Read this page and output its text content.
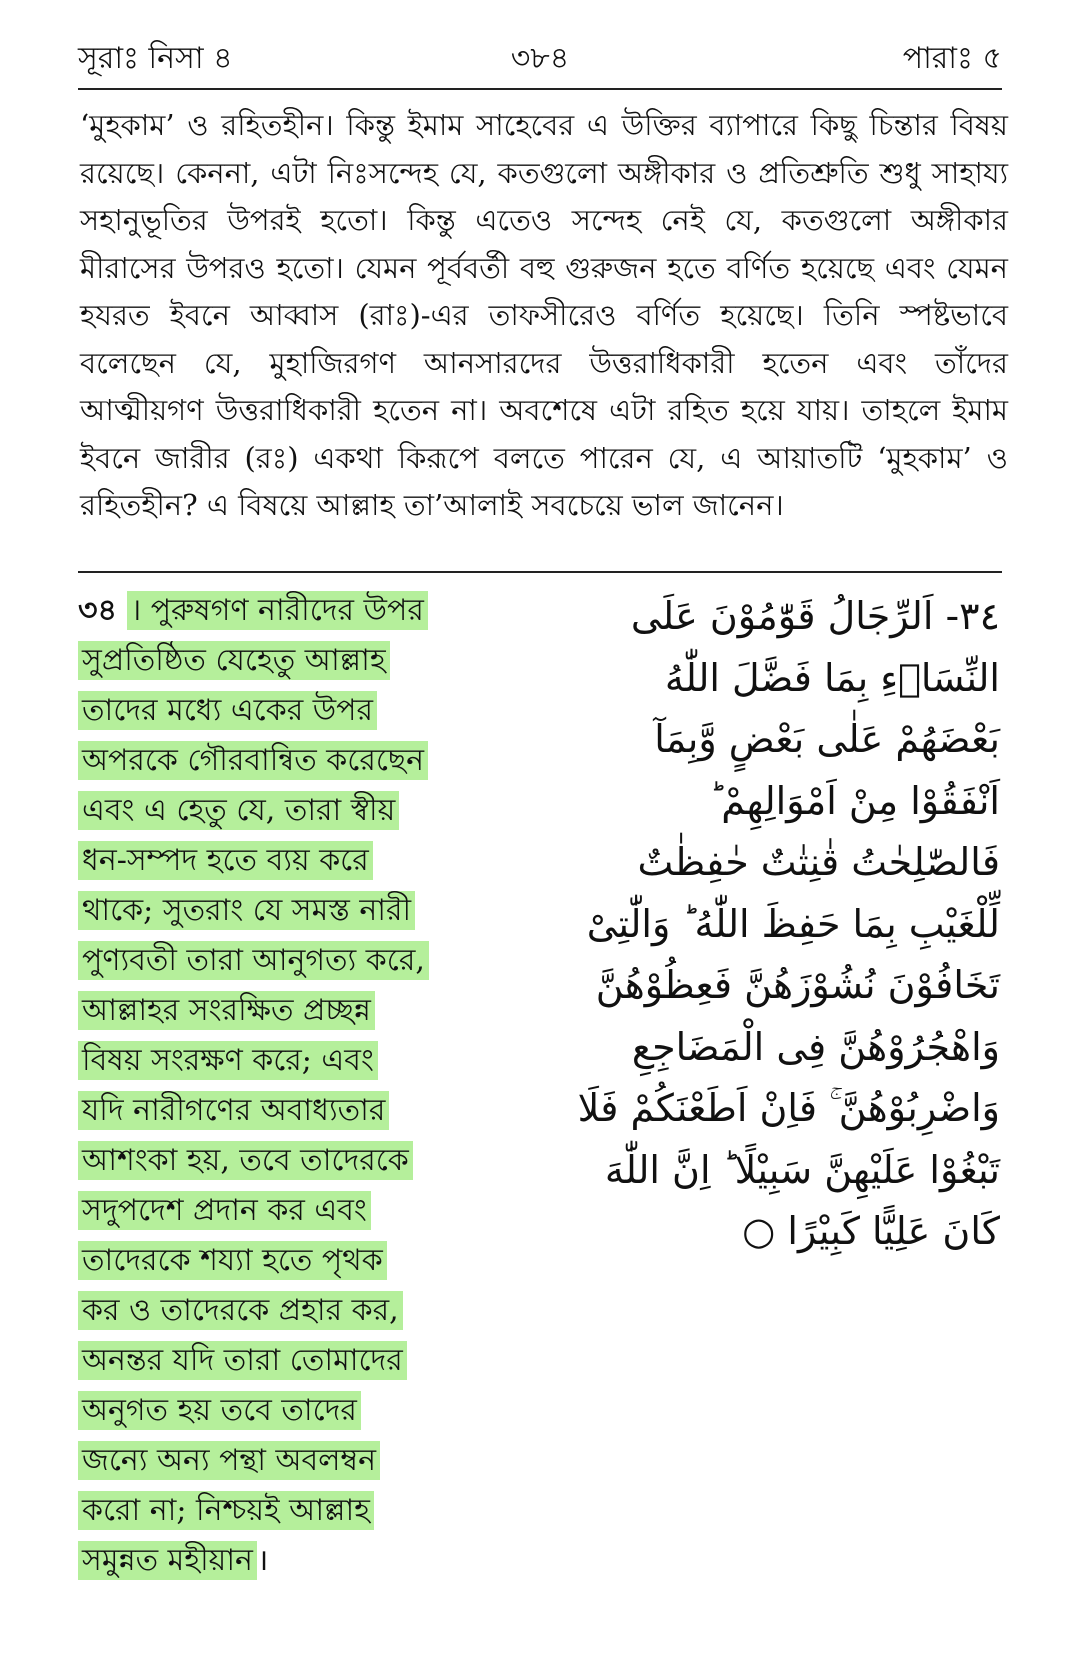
সূরাঃ নিসা ৪	৩৮৪	পারাঃ ৫
‘মুহকাম’ ও রহিতহীন। কিন্তু ইমাম সাহেবের এ উক্তির ব্যাপারে কিছু চিন্তার বিষয় রয়েছে। কেননা, এটা নিঃসন্দেহ যে, কতগুলো অঙ্গীকার ও প্রতিশ্রুতি শুধু সাহায্য সহানুভূতির উপরই হতো। কিন্তু এতেও সন্দেহ নেই যে, কতগুলো অঙ্গীকার মীরাসের উপরও হতো। যেমন পূর্ববর্তী বহু গুরুজন হতে বর্ণিত হয়েছে এবং যেমন হযরত ইবনে আব্বাস (রাঃ)-এর তাফসীরেও বর্ণিত হয়েছে। তিনি স্পষ্টভাবে বলেছেন যে, মুহাজিরগণ আনসারদের উত্তরাধিকারী হতেন এবং তাঁদের আত্মীয়গণ উত্তরাধিকারী হতেন না। অবশেষে এটা রহিত হয়ে যায়। তাহলে ইমাম ইবনে জারীর (রঃ) একথা কিরূপে বলতে পারেন যে, এ আয়াতটি ‘মুহকাম’ ও রহিতহীন? এ বিষয়ে আল্লাহ তা’আলাই সবচেয়ে ভাল জানেন।
৩৪ । পুরুষগণ নারীদের উপর
সুপ্রতিষ্ঠিত যেহেতু আল্লাহ
তাদের মধ্যে একের উপর
অপরকে গৌরবান্বিত করেছেন
এবং এ হেতু যে, তারা স্বীয়
ধন-সম্পদ হতে ব্যয় করে
থাকে; সুতরাং যে সমস্ত নারী
পুণ্যবতী তারা আনুগত্য করে,
আল্লাহর সংরক্ষিত প্রচ্ছন্ন
বিষয় সংরক্ষণ করে; এবং
যদি নারীগণের অবাধ্যতার
আশংকা হয়, তবে তাদেরকে
সদুপদেশ প্রদান কর এবং
তাদেরকে শয্যা হতে পৃথক
কর ও তাদেরকে প্রহার কর,
অনন্তর যদি তারা তোমাদের
অনুগত হয় তবে তাদের
জন্যে অন্য পন্থা অবলম্বন
করো না; নিশ্চয়ই আল্লাহ
সমুন্নত মহীয়ান ।
٣٤- اَلرِّجَالُ قَوّٰمُوْنَ عَلَى
النِّسَاۤءِ بِمَا فَضَّلَ اللّٰهُ
بَعْضَهُمْ عَلٰى بَعْضٍ وَّبِمَآ
اَنْفَقُوْا مِنْ اَمْوَالِهِمْ ؕ
فَالصّٰلِحٰتُ قٰنِتٰتٌ حٰفِظٰتٌ
لِّلْغَيْبِ بِمَا حَفِظَ اللّٰهُ ؕ وَالّٰتِىْ
تَخَافُوْنَ نُشُوْزَهُنَّ فَعِظُوْهُنَّ
وَاهْجُرُوْهُنَّ فِى الْمَضَاجِعِ
وَاضْرِبُوْهُنَّ ۚ فَاِنْ اَطَعْنَكُمْ فَلَا
تَبْغُوْا عَلَيْهِنَّ سَبِيْلًا ؕ اِنَّ اللّٰهَ
كَانَ عَلِيًّا كَبِيْرًا ○
